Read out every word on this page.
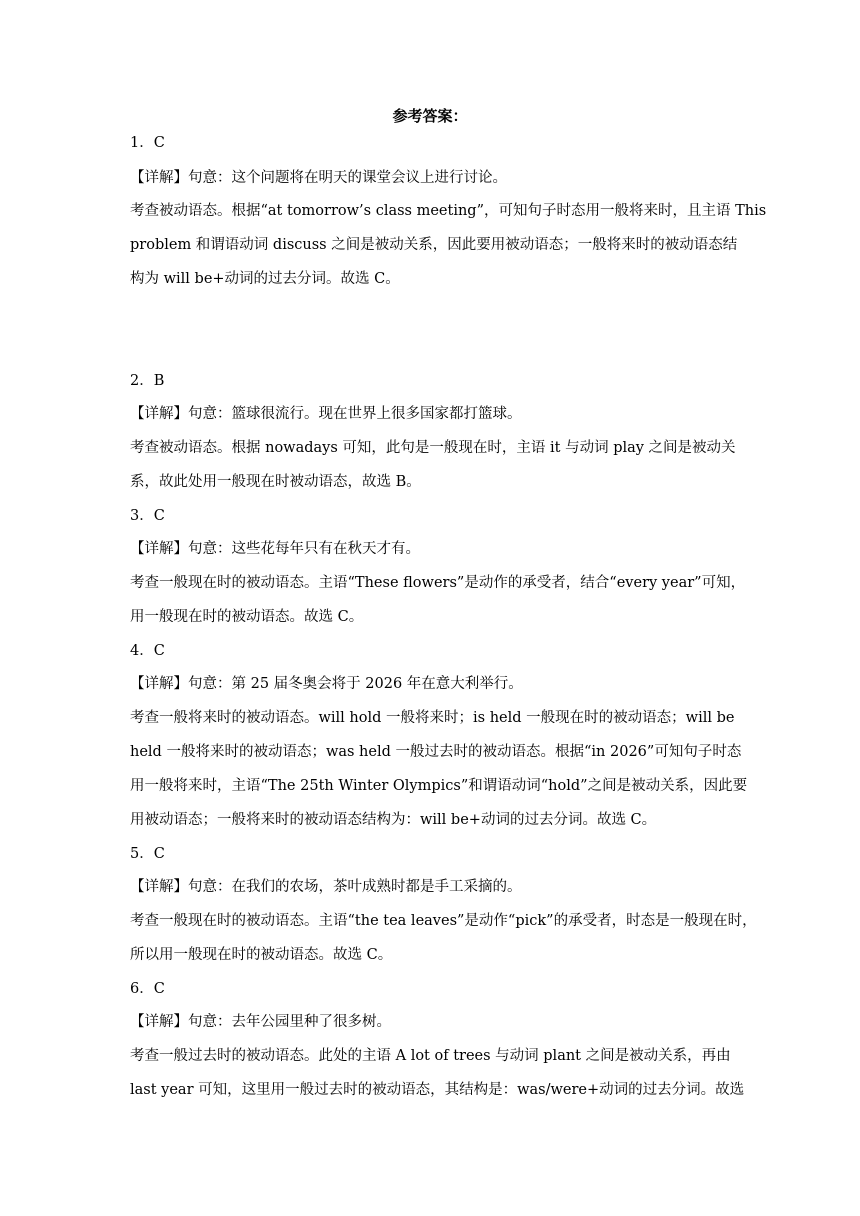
参考答案：
1．C
【详解】句意：这个问题将在明天的课堂会议上进行讨论。
考查被动语态。根据“at tomorrow’s class meeting”，可知句子时态用一般将来时，且主语 This
problem 和谓语动词 discuss 之间是被动关系，因此要用被动语态；一般将来时的被动语态结
构为 will be+动词的过去分词。故选 C。
2．B
【详解】句意：篮球很流行。现在世界上很多国家都打篮球。
考查被动语态。根据 nowadays 可知，此句是一般现在时，主语 it 与动词 play 之间是被动关
系，故此处用一般现在时被动语态，故选 B。
3．C
【详解】句意：这些花每年只有在秋天才有。
考查一般现在时的被动语态。主语“These flowers”是动作的承受者，结合“every year”可知，
用一般现在时的被动语态。故选 C。
4．C
【详解】句意：第 25 届冬奥会将于 2026 年在意大利举行。
考查一般将来时的被动语态。will hold 一般将来时；is held 一般现在时的被动语态；will be
held 一般将来时的被动语态；was held 一般过去时的被动语态。根据“in 2026”可知句子时态
用一般将来时，主语“The 25th Winter Olympics”和谓语动词“hold”之间是被动关系，因此要
用被动语态；一般将来时的被动语态结构为：will be+动词的过去分词。故选 C。
5．C
【详解】句意：在我们的农场，茶叶成熟时都是手工采摘的。
考查一般现在时的被动语态。主语“the tea leaves”是动作“pick”的承受者，时态是一般现在时，
所以用一般现在时的被动语态。故选 C。
6．C
【详解】句意：去年公园里种了很多树。
考查一般过去时的被动语态。此处的主语 A lot of trees 与动词 plant 之间是被动关系，再由
last year 可知，这里用一般过去时的被动语态，其结构是：was/were+动词的过去分词。故选
